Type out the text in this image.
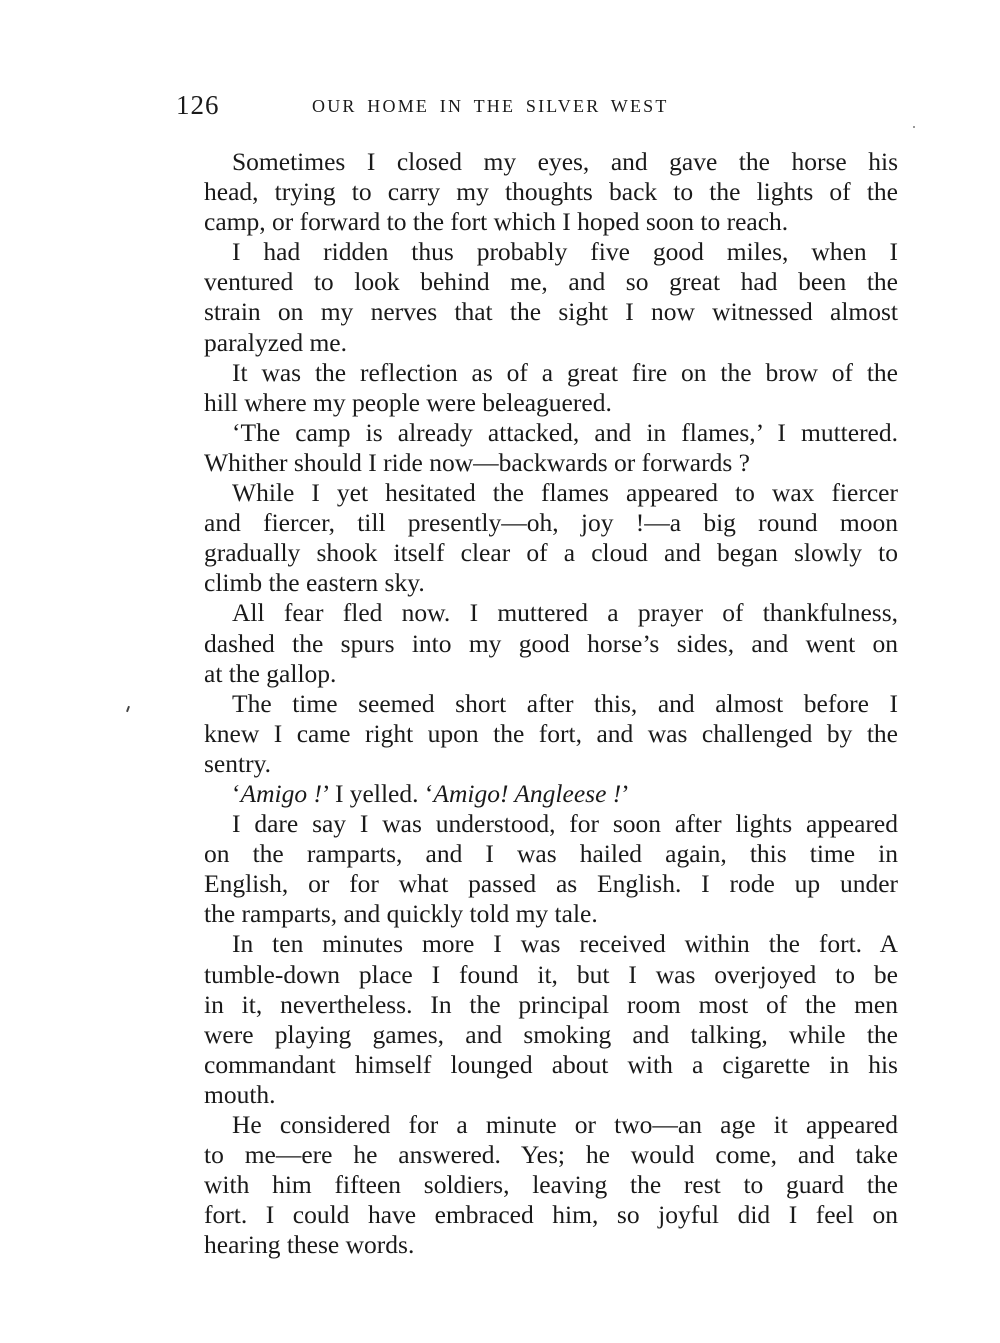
126	OUR HOME IN THE SILVER WEST

Sometimes I closed my eyes, and gave the horse his
head, trying to carry my thoughts back to the lights of the
camp, or forward to the fort which I hoped soon to reach.

I had ridden thus probably five good miles, when I
ventured to look behind me, and so great had been the
strain on my nerves that the sight I now witnessed almost
paralyzed me.

It was the reflection as of a great fire on the brow of the
hill where my people were beleaguered.

‘The camp is already attacked, and in flames,’ I muttered.
Whither should I ride now—backwards or forwards ?

While I yet hesitated the flames appeared to wax fiercer
and fiercer, till presently—oh, joy !—a big round moon
gradually shook itself clear of a cloud and began slowly to
climb the eastern sky.

All fear fled now. I muttered a prayer of thankfulness,
dashed the spurs into my good horse’s sides, and went on
at the gallop.

The time seemed short after this, and almost before I
knew I came right upon the fort, and was challenged by the
sentry.

‘Amigo !’ I yelled. ‘Amigo! Angleese !’

I dare say I was understood, for soon after lights appeared
on the ramparts, and I was hailed again, this time in
English, or for what passed as English. I rode up under
the ramparts, and quickly told my tale.

In ten minutes more I was received within the fort. A
tumble-down place I found it, but I was overjoyed to be
in it, nevertheless. In the principal room most of the men
were playing games, and smoking and talking, while the
commandant himself lounged about with a cigarette in his
mouth.

He considered for a minute or two—an age it appeared
to me—ere he answered. Yes; he would come, and take
with him fifteen soldiers, leaving the rest to guard the
fort. I could have embraced him, so joyful did I feel on
hearing these words.
